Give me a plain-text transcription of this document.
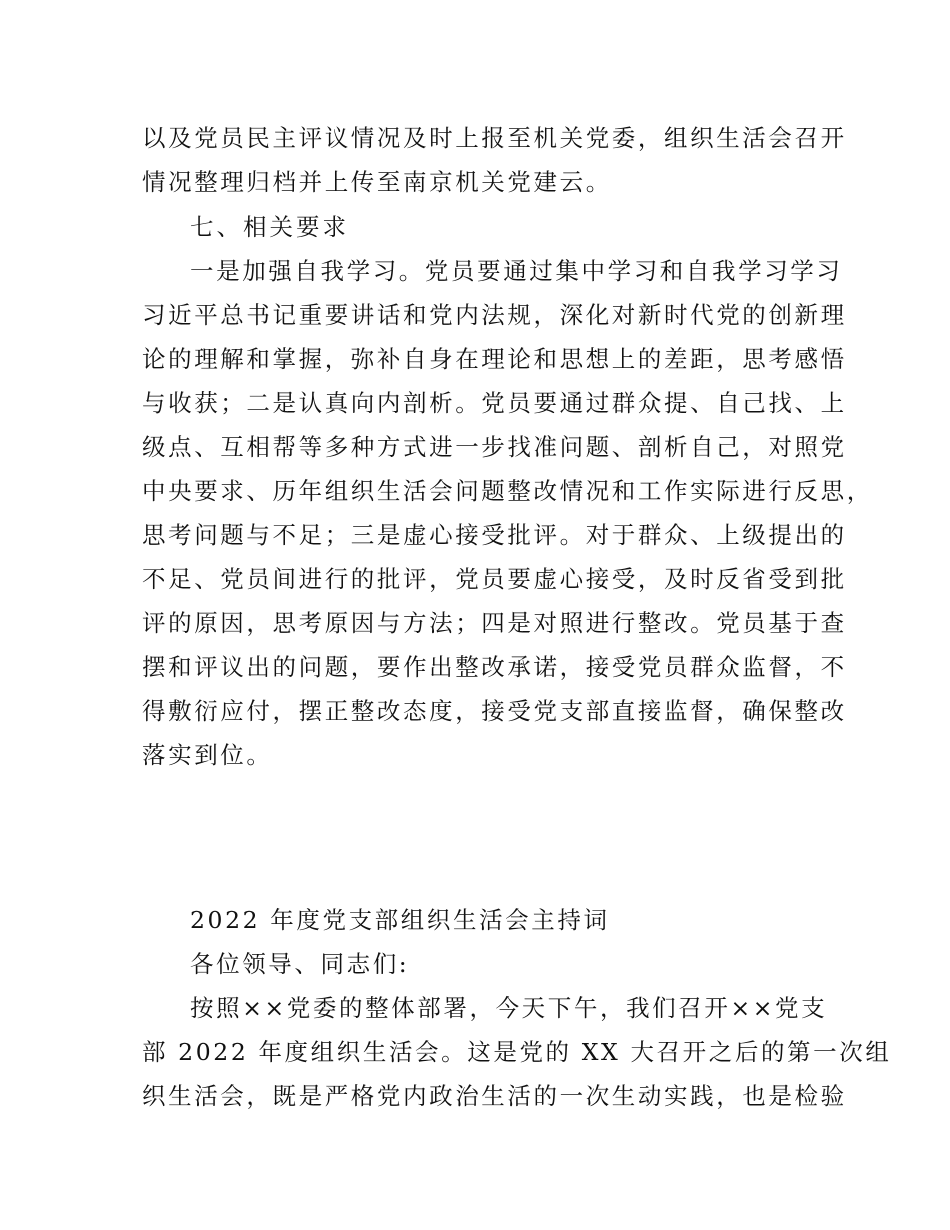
以及党员民主评议情况及时上报至机关党委，组织生活会召开
情况整理归档并上传至南京机关党建云。
七、相关要求
一是加强自我学习。党员要通过集中学习和自我学习学习
习近平总书记重要讲话和党内法规，深化对新时代党的创新理
论的理解和掌握，弥补自身在理论和思想上的差距，思考感悟
与收获；二是认真向内剖析。党员要通过群众提、自己找、上
级点、互相帮等多种方式进一步找准问题、剖析自己，对照党
中央要求、历年组织生活会问题整改情况和工作实际进行反思，
思考问题与不足；三是虚心接受批评。对于群众、上级提出的
不足、党员间进行的批评，党员要虚心接受，及时反省受到批
评的原因，思考原因与方法；四是对照进行整改。党员基于查
摆和评议出的问题，要作出整改承诺，接受党员群众监督，不
得敷衍应付，摆正整改态度，接受党支部直接监督，确保整改
落实到位。
2022 年度党支部组织生活会主持词
各位领导、同志们:
按照××党委的整体部署，今天下午，我们召开××党支
部 2022 年度组织生活会。这是党的 XX 大召开之后的第一次组
织生活会，既是严格党内政治生活的一次生动实践，也是检验
